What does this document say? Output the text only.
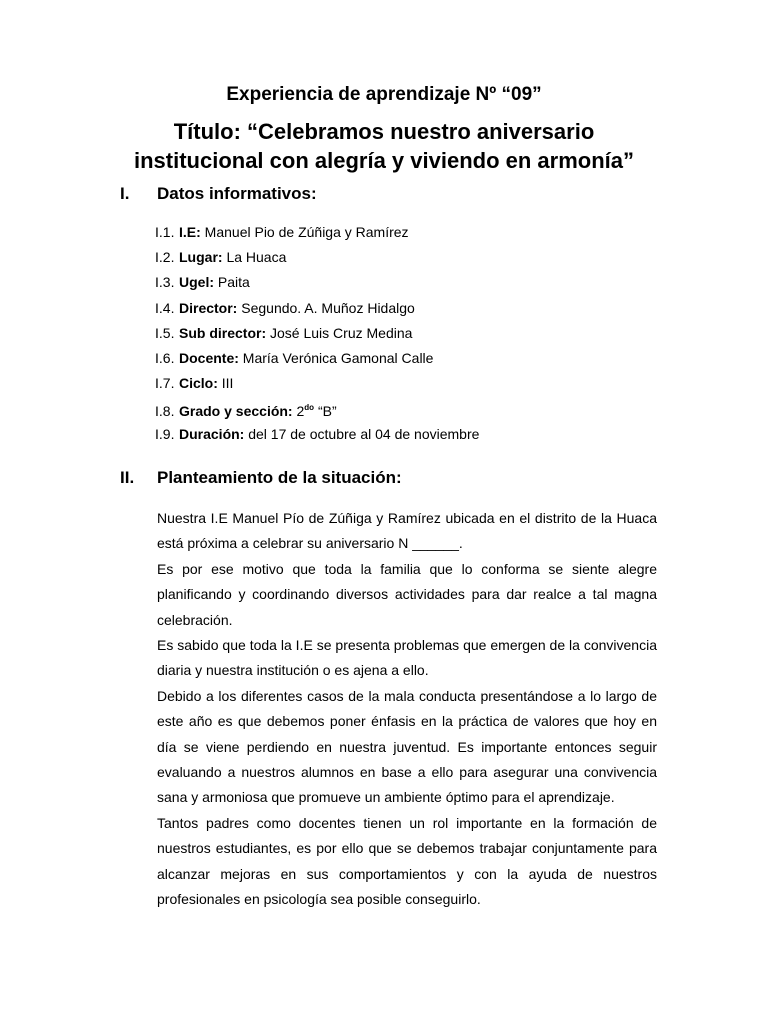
Experiencia de aprendizaje Nº “09”
Título: “Celebramos nuestro aniversario
institucional con alegría y viviendo en armonía”
I. Datos informativos:
I.1. I.E: Manuel Pio de Zúñiga y Ramírez
I.2. Lugar: La Huaca
I.3. Ugel: Paita
I.4. Director: Segundo. A. Muñoz Hidalgo
I.5. Sub director: José Luis Cruz Medina
I.6. Docente: María Verónica Gamonal Calle
I.7. Ciclo: III
I.8. Grado y sección: $2^{do}$ “B”
I.9. Duración: del 17 de octubre al 04 de noviembre
II. Planteamiento de la situación:

Nuestra I.E Manuel Pío de Zúñiga y Ramírez ubicada en el distrito de la Huaca está próxima a celebrar su aniversario N ______.

Es por ese motivo que toda la familia que lo conforma se siente alegre planificando y coordinando diversos actividades para dar realce a tal magna celebración.

Es sabido que toda la I.E se presenta problemas que emergen de la convivencia diaria y nuestra institución o es ajena a ello.

Debido a los diferentes casos de la mala conducta presentándose a lo largo de este año es que debemos poner énfasis en la práctica de valores que hoy en día se viene perdiendo en nuestra juventud. Es importante entonces seguir evaluando a nuestros alumnos en base a ello para asegurar una convivencia sana y armoniosa que promueve un ambiente óptimo para el aprendizaje.

Tantos padres como docentes tienen un rol importante en la formación de nuestros estudiantes, es por ello que se debemos trabajar conjuntamente para alcanzar mejoras en sus comportamientos y con la ayuda de nuestros profesionales en psicología sea posible conseguirlo.
